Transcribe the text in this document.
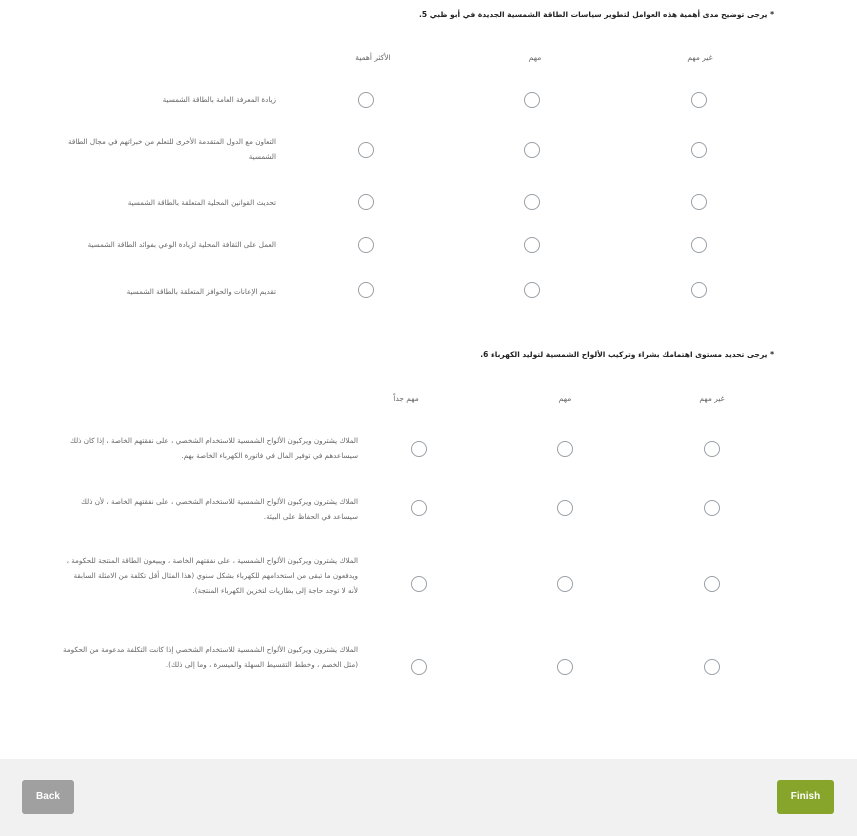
* يرجى توضيح مدى أهمية هذه العوامل لتطوير سياسات الطاقة الشمسية الجديدة في أبو ظبي 5.
الأكثر أهمية	مهم	غير مهم
زيادة المعرفة العامة بالطاقة الشمسية
التعاون مع الدول المتقدمة الأخرى للتعلم من خبراتهم في مجال الطاقة الشمسية
تحديث القوانين المحلية المتعلقة بالطاقة الشمسية
العمل على الثقافة المحلية لزيادة الوعي بفوائد الطاقة الشمسية
تقديم الإعانات والحوافز المتعلقة بالطاقة الشمسية
* يرجى تحديد مستوى اهتمامك بشراء وتركيب الألواح الشمسية لتوليد الكهرباء 6.
مهم جداً	مهم	غير مهم
الملاك يشترون ويركبون الألواح الشمسية للاستخدام الشخصي ، على نفقتهم الخاصة ، إذا كان ذلك سيساعدهم في توفير المال في فاتورة الكهرباء الخاصة بهم.
الملاك يشترون ويركبون الألواح الشمسية للاستخدام الشخصي ، على نفقتهم الخاصة ، لأن ذلك سيساعد في الحفاظ على البيئة.
الملاك يشترون ويركبون الألواح الشمسية ، على نفقتهم الخاصة ، ويبيعون الطاقة المنتجة للحكومة ، ويدفعون ما تبقى من استخدامهم للكهرباء بشكل سنوي (هذا المثال أقل تكلفة من الامثلة السابقة لأنه لا توجد حاجة إلى بطاريات لتخزين الكهرباء المنتجة).
الملاك يشترون ويركبون الألواح الشمسية للاستخدام الشخصي إذا كانت التكلفة مدعومة من الحكومة (مثل الخصم ، وخطط التقسيط السهلة والميسرة ، وما إلى ذلك).
Back	Finish
